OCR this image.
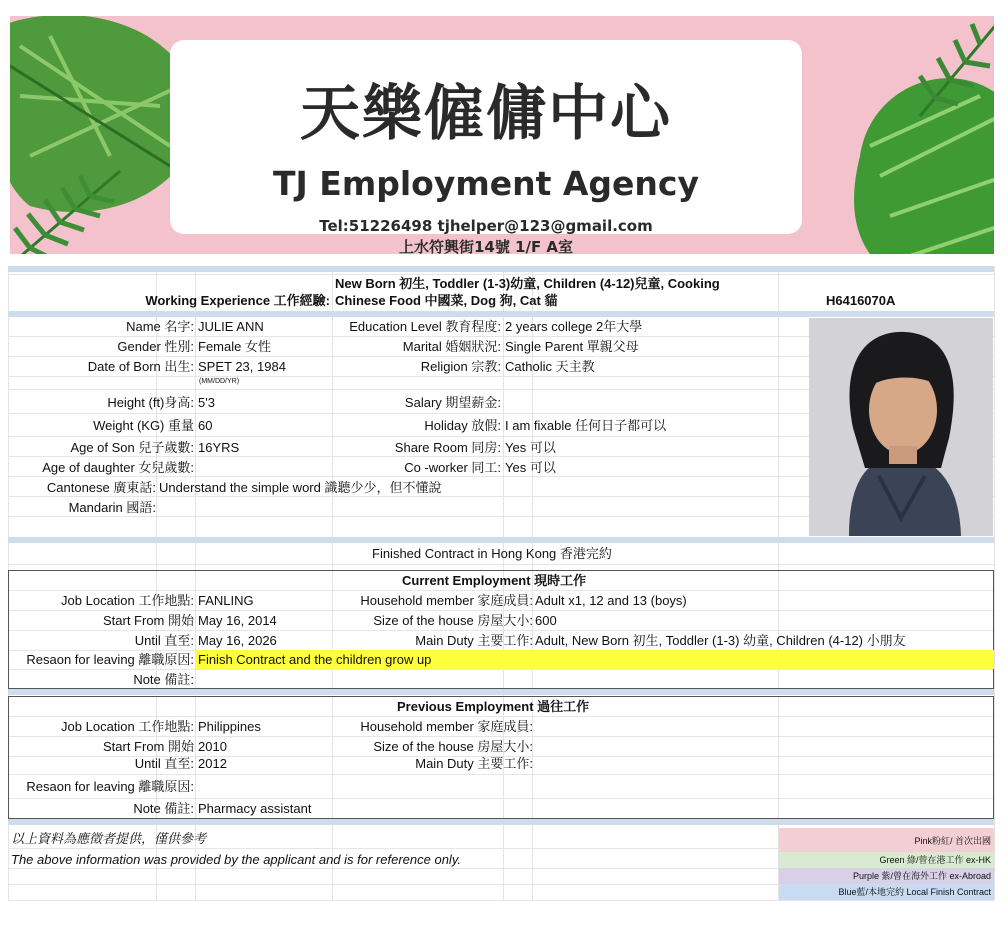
天樂僱傭中心
TJ Employment Agency
Tel:51226498 tjhelper@123@gmail.com
上水符興街14號 1/F A室
Working Experience 工作經驗:
New Born 初生, Toddler (1-3)幼童, Children (4-12)兒童, Cooking
Chinese Food 中國菜, Dog 狗, Cat 貓	H6416070A
Name 名字: JULIE ANN
Gender 性別: Female 女性
Date of Born 出生: SPET 23, 1984
(MM/DD/YR)
Height (ft)身高: 5'3
Weight (KG) 重量 60
Age of Son 兒子歲數: 16YRS
Age of daughter 女兒歲數:
Cantonese 廣東話: Understand the simple word 識聽少少，但不懂說
Mandarin 國語:
Education Level 教育程度: 2 years college 2年大學
Marital 婚姻狀況: Single Parent 單親父母
Religion 宗教: Catholic 天主教
Salary 期望薪金:
Holiday 放假: I am fixable 任何日子都可以
Share Room 同房: Yes 可以
Co -worker 同工: Yes 可以
Finished Contract in Hong Kong 香港完約
Current Employment 現時工作
Job Location 工作地點: FANLING
Start From 開始 May 16, 2014
Until 直至: May 16, 2026
Resaon for leaving 離職原因: Finish Contract and the children grow up
Note 備註:
Household member 家庭成員: Adult x1, 12 and 13 (boys)
Size of the house 房屋大小: 600
Main Duty 主要工作: Adult, New Born 初生, Toddler (1-3) 幼童, Children (4-12) 小朋友
Previous Employment 過往工作
Job Location 工作地點: Philippines
Start From 開始 2010
Until 直至: 2012
Resaon for leaving 離職原因:
Note 備註: Pharmacy assistant
Household member 家庭成員:
Size of the house 房屋大小:
Main Duty 主要工作:
以上資料為應徵者提供，僅供參考
The above information was provided by the applicant and is for reference only.
Pink粉紅/ 首次出國
Green 綠/曾在港工作 ex-HK
Purple 紫/曾在海外工作 ex-Abroad
Blue藍/本地完約 Local Finish Contract
